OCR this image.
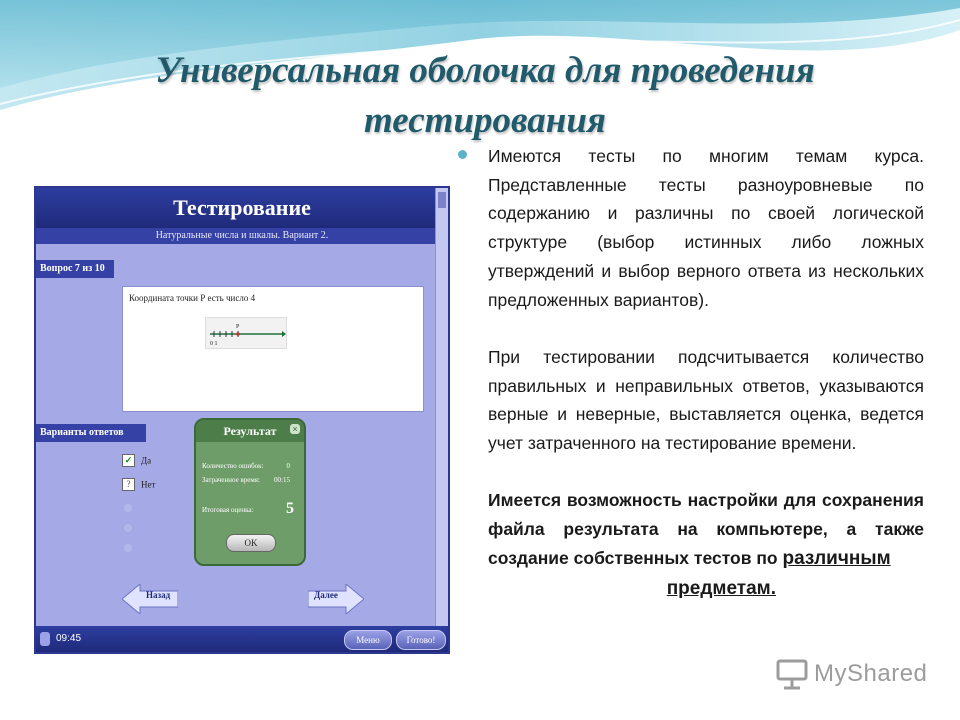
Универсальная оболочка для проведения
тестирования
Тестирование
Натуральные числа и шкалы. Вариант 2.
Вопрос 7 из 10
Координата точки Р есть число 4
P
0 1
Варианты ответов
✓ Да
? Нет
Результат	×
Количество ошибок:	0
Затраченное время: 00:15
Итоговая оценка: 5
OK
Назад	Далее
09:45	Меню	Готово!

Имеются тесты по многим темам курса. Представленные тесты разноуровневые по содержанию и различны по своей логической структуре (выбор истинных либо ложных утверждений и выбор верного ответа из нескольких предложенных вариантов).

При тестировании подсчитывается количество правильных и неправильных ответов, указываются верные и неверные, выставляется оценка, ведется учет затраченного на тестирование времени.

Имеется возможность настройки для сохранения файла результата на компьютере, а также создание собственных тестов по различным

предметам.

MyShared
